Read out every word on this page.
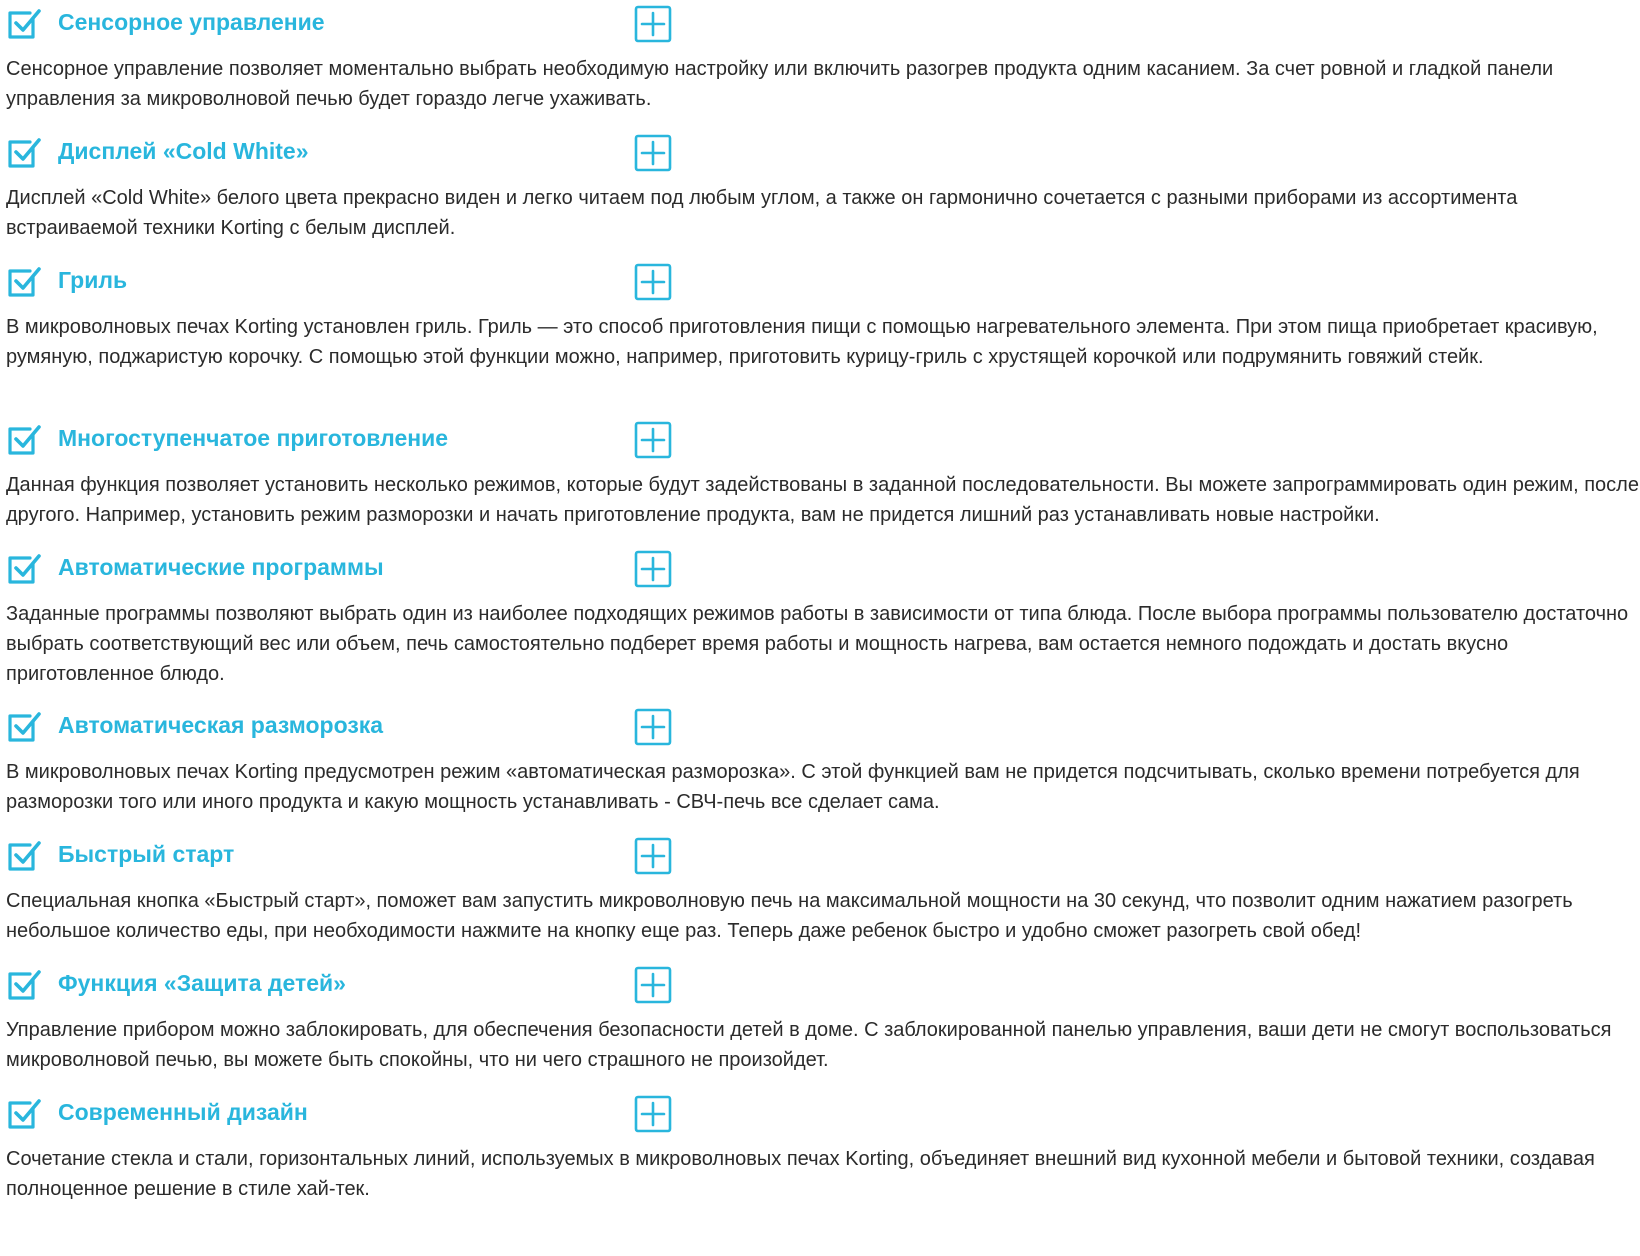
Сенсорное управление

Сенсорное управление позволяет моментально выбрать необходимую настройку или включить разогрев продукта одним касанием. За счет ровной и гладкой панели управления за микроволновой печью будет гораздо легче ухаживать.

Дисплей «Cold White»

Дисплей «Cold White» белого цвета прекрасно виден и легко читаем под любым углом, а также он гармонично сочетается с разными приборами из ассортимента встраиваемой техники Korting с белым дисплей.

Гриль

В микроволновых печах Korting установлен гриль. Гриль — это способ приготовления пищи с помощью нагревательного элемента. При этом пища приобретает красивую, румяную, поджаристую корочку. С помощью этой функции можно, например, приготовить курицу-гриль с хрустящей корочкой или подрумянить говяжий стейк.

Многоступенчатое приготовление

Данная функция позволяет установить несколько режимов, которые будут задействованы в заданной последовательности. Вы можете запрограммировать один режим, после другого. Например, установить режим разморозки и начать приготовление продукта, вам не придется лишний раз устанавливать новые настройки.

Автоматические программы

Заданные программы позволяют выбрать один из наиболее подходящих режимов работы в зависимости от типа блюда. После выбора программы пользователю достаточно выбрать соответствующий вес или объем, печь самостоятельно подберет время работы и мощность нагрева, вам остается немного подождать и достать вкусно приготовленное блюдо.

Автоматическая разморозка

В микроволновых печах Korting предусмотрен режим «автоматическая разморозка». С этой функцией вам не придется подсчитывать, сколько времени потребуется для разморозки того или иного продукта и какую мощность устанавливать - СВЧ-печь все сделает сама.

Быстрый старт

Специальная кнопка «Быстрый старт», поможет вам запустить микроволновую печь на максимальной мощности на 30 секунд, что позволит одним нажатием разогреть небольшое количество еды, при необходимости нажмите на кнопку еще раз. Теперь даже ребенок быстро и удобно сможет разогреть свой обед!

Функция «Защита детей»

Управление прибором можно заблокировать, для обеспечения безопасности детей в доме. С заблокированной панелью управления, ваши дети не смогут воспользоваться микроволновой печью, вы можете быть спокойны, что ни чего страшного не произойдет.

Современный дизайн

Сочетание стекла и стали, горизонтальных линий, используемых в микроволновых печах Korting, объединяет внешний вид кухонной мебели и бытовой техники, создавая полноценное решение в стиле хай-тек.
